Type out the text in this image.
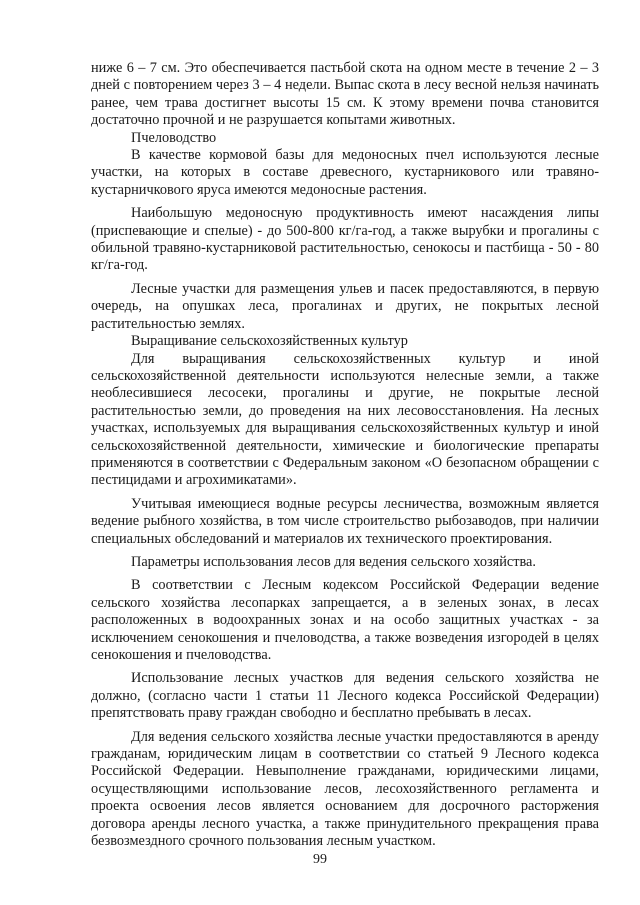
ниже 6 – 7 см. Это обеспечивается пастьбой скота на одном месте в течение 2 – 3 дней с повторением через 3 – 4 недели. Выпас скота в лесу весной нельзя начинать ранее, чем трава достигнет высоты 15 см. К этому времени почва становится достаточно прочной и не разрушается копытами животных.

Пчеловодство

В качестве кормовой базы для медоносных пчел используются лесные участки, на которых в составе древесного, кустарникового или травяно-кустарничкового яруса имеются медоносные растения.

Наибольшую медоносную продуктивность имеют насаждения липы (приспевающие и спелые) - до 500-800 кг/га-год, а также вырубки и прогалины с обильной травяно-кустарниковой растительностью, сенокосы и пастбища - 50 - 80 кг/га-год.

Лесные участки для размещения ульев и пасек предоставляются, в первую очередь, на опушках леса, прогалинах и других, не покрытых лесной растительностью землях.

Выращивание сельскохозяйственных культур

Для выращивания сельскохозяйственных культур и иной сельскохозяйственной деятельности используются нелесные земли, а также необлесившиеся лесосеки, прогалины и другие, не покрытые лесной растительностью земли, до проведения на них лесовосстановления. На лесных участках, используемых для выращивания сельскохозяйственных культур и иной сельскохозяйственной деятельности, химические и биологические препараты применяются в соответствии с Федеральным законом «О безопасном обращении с пестицидами и агрохимикатами».

Учитывая имеющиеся водные ресурсы лесничества, возможным является ведение рыбного хозяйства, в том числе строительство рыбозаводов, при наличии специальных обследований и материалов их технического проектирования.

Параметры использования лесов для ведения сельского хозяйства.

В соответствии с Лесным кодексом Российской Федерации ведение сельского хозяйства лесопарках запрещается, а в зеленых зонах, в лесах расположенных в водоохранных зонах и на особо защитных участках - за исключением сенокошения и пчеловодства, а также возведения изгородей в целях сенокошения и пчеловодства.

Использование лесных участков для ведения сельского хозяйства не должно, (согласно части 1 статьи 11 Лесного кодекса Российской Федерации) препятствовать праву граждан свободно и бесплатно пребывать в лесах.

Для ведения сельского хозяйства лесные участки предоставляются в аренду гражданам, юридическим лицам в соответствии со статьей 9 Лесного кодекса Российской Федерации. Невыполнение гражданами, юридическими лицами, осуществляющими использование лесов, лесохозяйственного регламента и проекта освоения лесов является основанием для досрочного расторжения договора аренды лесного участка, а также принудительного прекращения права безвозмездного срочного пользования лесным участком.

99
